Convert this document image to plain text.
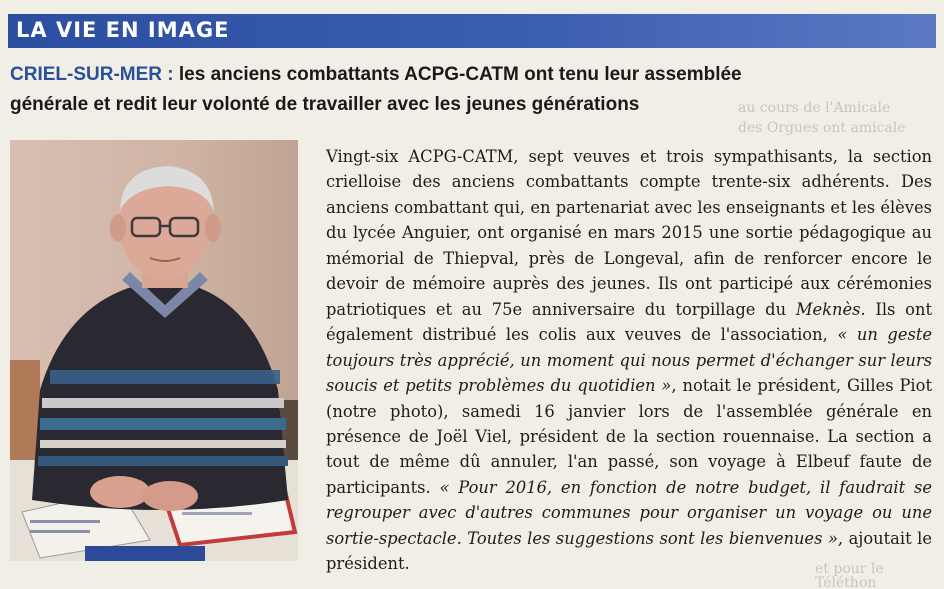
au cours de l'Amicale
des Orgues ont amicale
et pour le Téléthon
LA VIE EN IMAGE
CRIEL-SUR-MER : les anciens combattants ACPG-CATM ont tenu leur assemblée
générale et redit leur volonté de travailler avec les jeunes générations

Vingt-six ACPG-CATM, sept veuves et trois sympathisants, la section crielloise des anciens combattants compte trente-six adhérents. Des anciens combattant qui, en partenariat avec les enseignants et les élèves du lycée Anguier, ont organisé en mars 2015 une sortie pédagogique au mémorial de Thiepval, près de Longeval, afin de renforcer encore le devoir de mémoire auprès des jeunes. Ils ont participé aux cérémonies patriotiques et au 75e anniversaire du torpillage du Meknès. Ils ont également distribué les colis aux veuves de l'association, « un geste toujours très apprécié, un moment qui nous permet d'échanger sur leurs soucis et petits problèmes du quotidien », notait le président, Gilles Piot (notre photo), samedi 16 janvier lors de l'assemblée générale en présence de Joël Viel, président de la section rouennaise. La section a tout de même dû annuler, l'an passé, son voyage à Elbeuf faute de participants. « Pour 2016, en fonction de notre budget, il faudrait se regrouper avec d'autres communes pour organiser un voyage ou une sortie-spectacle. Toutes les suggestions sont les bienvenues », ajoutait le président.
